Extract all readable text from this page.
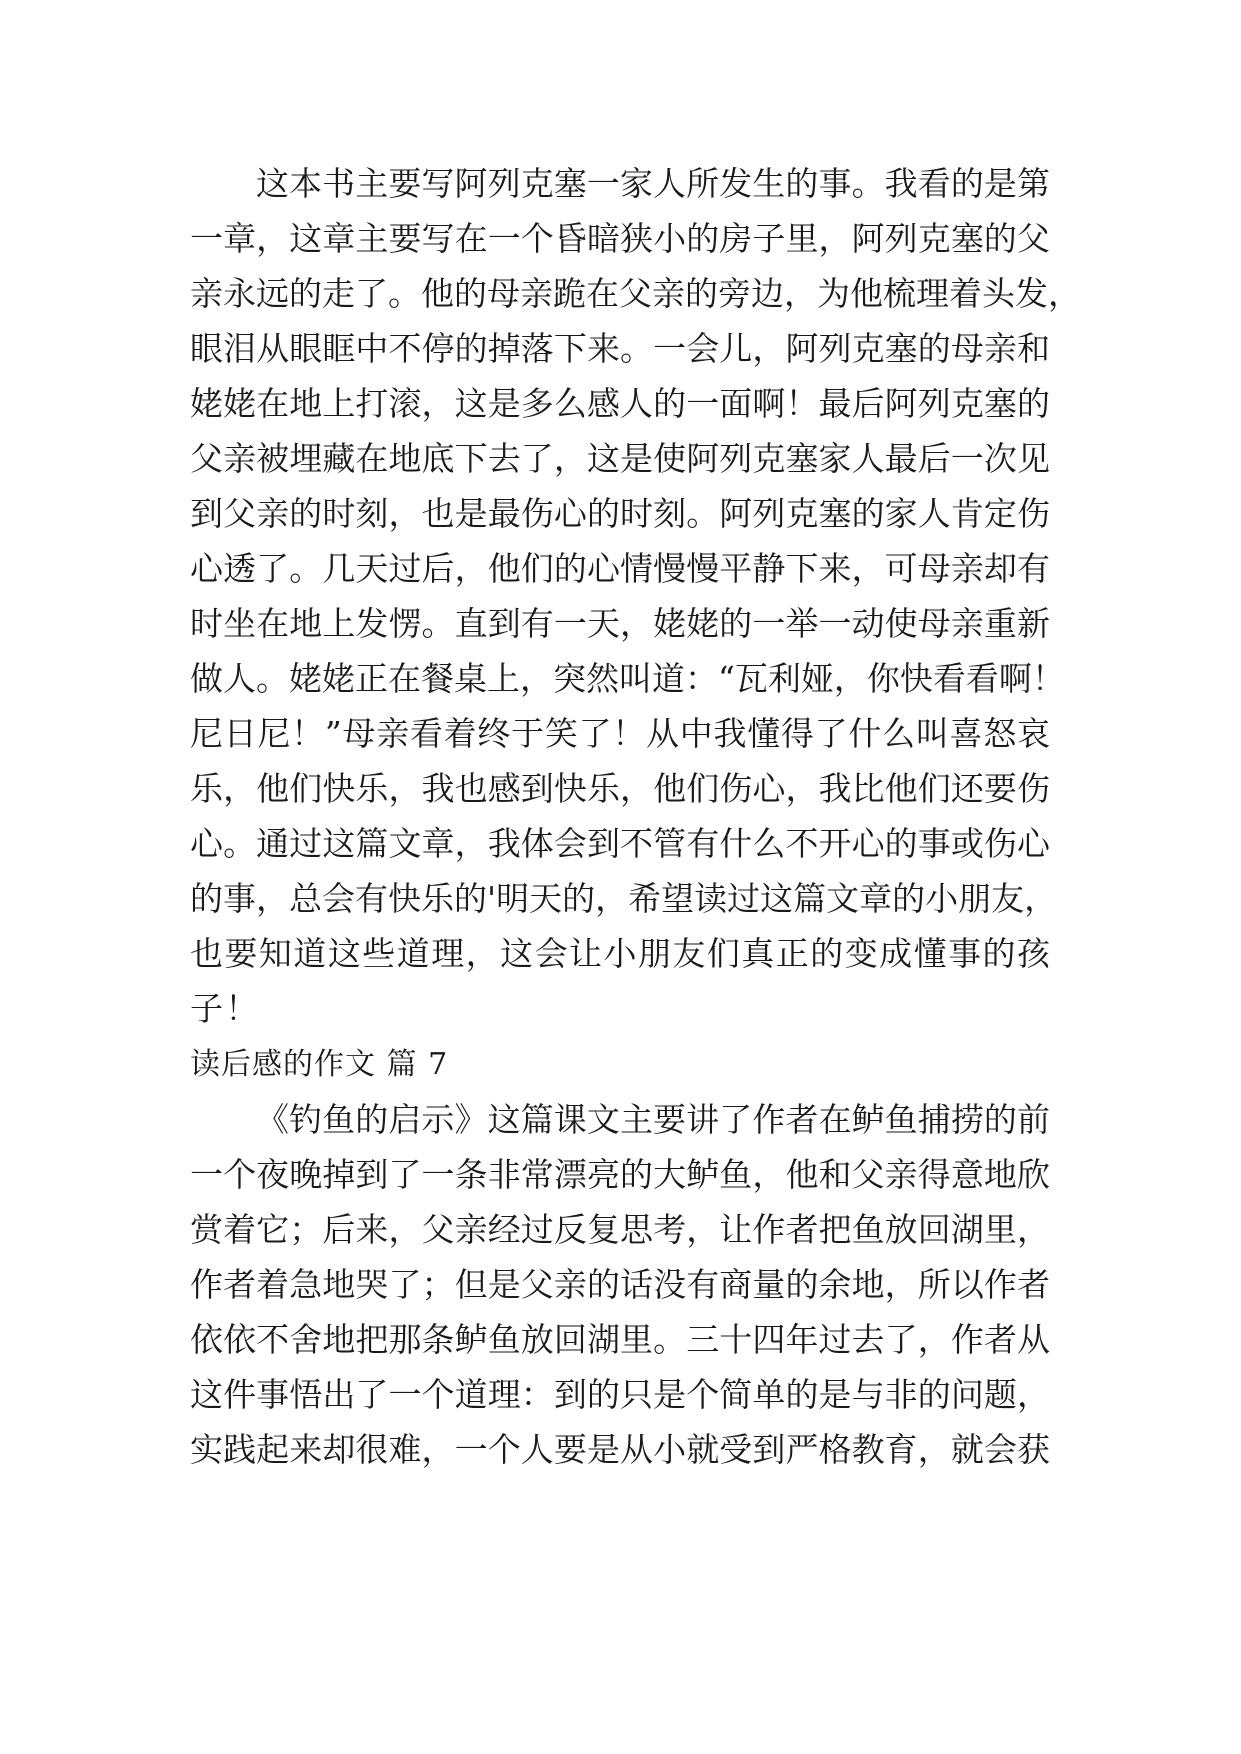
这本书主要写阿列克塞一家人所发生的事。我看的是第
一章，这章主要写在一个昏暗狭小的房子里，阿列克塞的父
亲永远的走了。他的母亲跪在父亲的旁边，为他梳理着头发，
眼泪从眼眶中不停的掉落下来。一会儿，阿列克塞的母亲和
姥姥在地上打滚，这是多么感人的一面啊！最后阿列克塞的
父亲被埋藏在地底下去了，这是使阿列克塞家人最后一次见
到父亲的时刻，也是最伤心的时刻。阿列克塞的家人肯定伤
心透了。几天过后，他们的心情慢慢平静下来，可母亲却有
时坐在地上发愣。直到有一天，姥姥的一举一动使母亲重新
做人。姥姥正在餐桌上，突然叫道：“瓦利娅，你快看看啊！
尼日尼！”母亲看着终于笑了！从中我懂得了什么叫喜怒哀
乐，他们快乐，我也感到快乐，他们伤心，我比他们还要伤
心。通过这篇文章，我体会到不管有什么不开心的事或伤心
的事，总会有快乐的'明天的，希望读过这篇文章的小朋友，
也要知道这些道理，这会让小朋友们真正的变成懂事的孩
子！
读后感的作文 篇 7
《钓鱼的启示》这篇课文主要讲了作者在鲈鱼捕捞的前
一个夜晚掉到了一条非常漂亮的大鲈鱼，他和父亲得意地欣
赏着它；后来，父亲经过反复思考，让作者把鱼放回湖里，
作者着急地哭了；但是父亲的话没有商量的余地，所以作者
依依不舍地把那条鲈鱼放回湖里。三十四年过去了，作者从
这件事悟出了一个道理：到的只是个简单的是与非的问题，
实践起来却很难，一个人要是从小就受到严格教育，就会获
